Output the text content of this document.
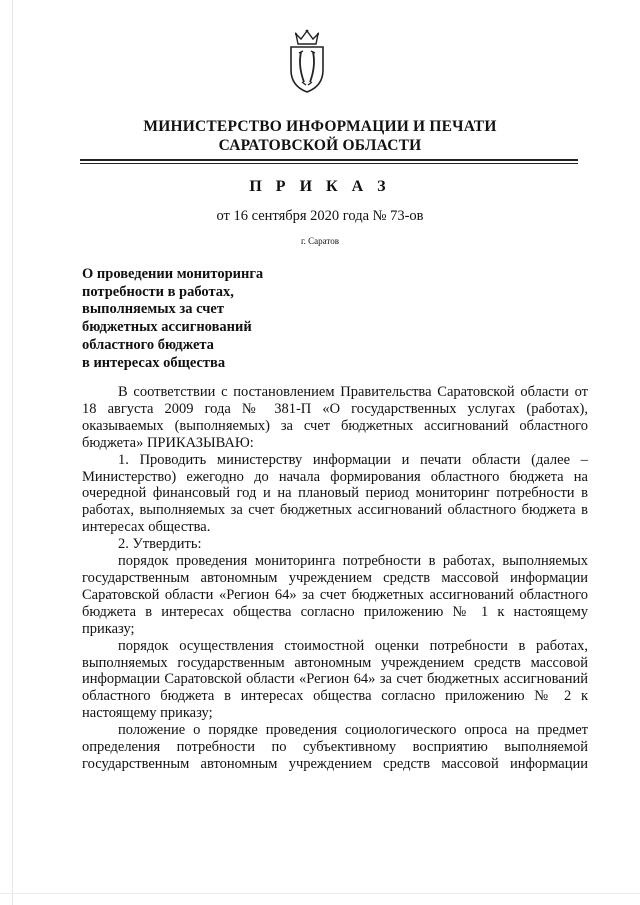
МИНИСТЕРСТВО ИНФОРМАЦИИ И ПЕЧАТИ
САРАТОВСКОЙ ОБЛАСТИ
П Р И К А З
от 16 сентября 2020 года № 73-ов
г. Саратов
О проведении мониторинга
потребности в работах,
выполняемых за счет
бюджетных ассигнований
областного бюджета
в интересах общества

В соответствии с постановлением Правительства Саратовской области от 18 августа 2009 года № 381-П «О государственных услугах (работах), оказываемых (выполняемых) за счет бюджетных ассигнований областного бюджета» ПРИКАЗЫВАЮ:

1. Проводить министерству информации и печати области (далее – Министерство) ежегодно до начала формирования областного бюджета на очередной финансовый год и на плановый период мониторинг потребности в работах, выполняемых за счет бюджетных ассигнований областного бюджета в интересах общества.

2. Утвердить:

порядок проведения мониторинга потребности в работах, выполняемых государственным автономным учреждением средств массовой информации Саратовской области «Регион 64» за счет бюджетных ассигнований областного бюджета в интересах общества согласно приложению № 1 к настоящему приказу;

порядок осуществления стоимостной оценки потребности в работах, выполняемых государственным автономным учреждением средств массовой информации Саратовской области «Регион 64» за счет бюджетных ассигнований областного бюджета в интересах общества согласно приложению № 2 к настоящему приказу;

положение о порядке проведения социологического опроса на предмет определения потребности по субъективному восприятию выполняемой государственным автономным учреждением средств массовой информации
